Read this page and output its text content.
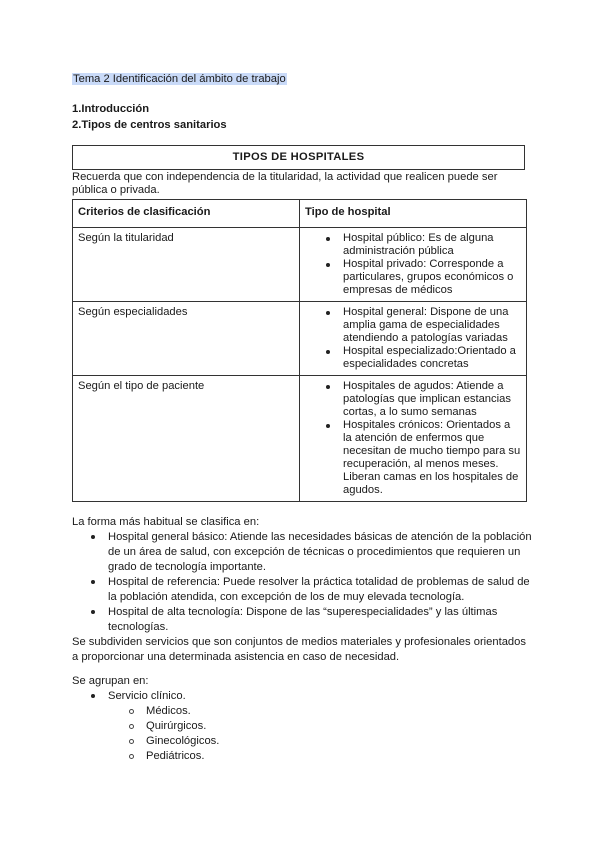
Tema 2 Identificación del ámbito de trabajo
1.Introducción
2.Tipos de centros sanitarios
TIPOS DE HOSPITALES
Recuerda que con independencia de la titularidad, la actividad que realicen puede ser pública o privada.
Criterios de clasificación	Tipo de hospital
Según la titularidad	Hospital público: Es de alguna administración pública
Hospital privado: Corresponde a particulares, grupos económicos o empresas de médicos

Según especialidades	Hospital general: Dispone de una amplia gama de especialidades atendiendo a patologías variadas
Hospital especializado:Orientado a especialidades concretas

Según el tipo de paciente	Hospitales de agudos: Atiende a patologías que implican estancias cortas, a lo sumo semanas
Hospitales crónicos: Orientados a la atención de enfermos que necesitan de mucho tiempo para su recuperación, al menos meses. Liberan camas en los hospitales de agudos.
La forma más habitual se clasifica en:
Hospital general básico: Atiende las necesidades básicas de atención de la población de un área de salud, con excepción de técnicas o procedimientos que requieren un grado de tecnología importante.
Hospital de referencia: Puede resolver la práctica totalidad de problemas de salud de la población atendida, con excepción de los de muy elevada tecnología.
Hospital de alta tecnología: Dispone de las “superespecialidades” y las últimas tecnologías.
Se subdividen servicios que son conjuntos de medios materiales y profesionales orientados a proporcionar una determinada asistencia en caso de necesidad.
Se agrupan en:
Servicio clínico.
Médicos.
Quirúrgicos.
Ginecológicos.
Pediátricos.
